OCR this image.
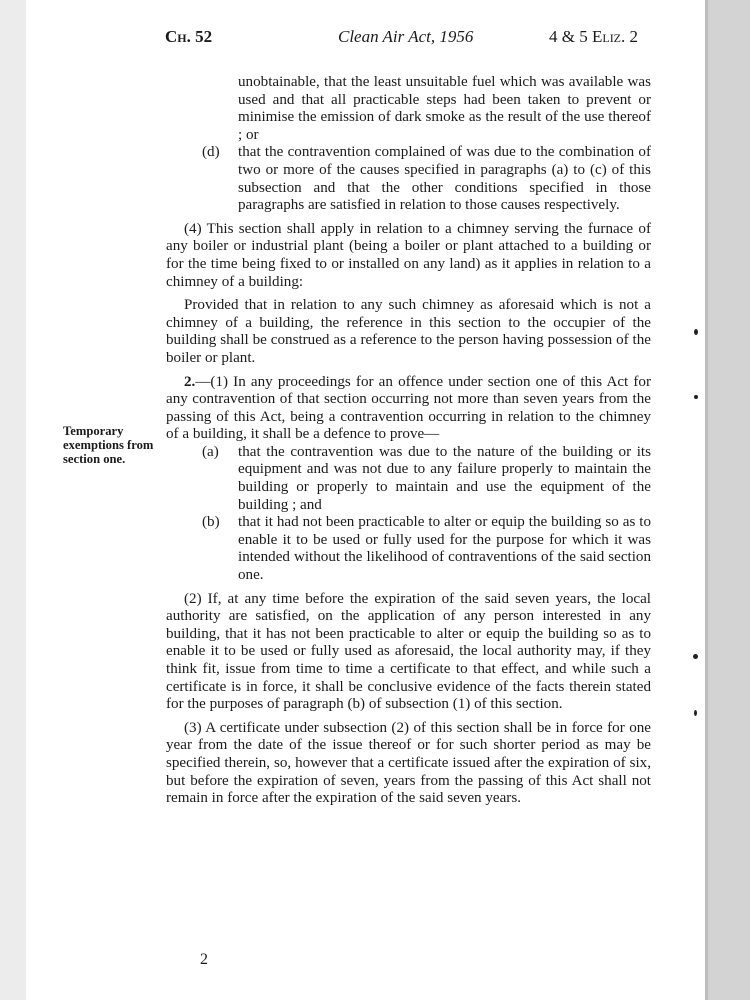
Ch. 52	Clean Air Act, 1956	4 & 5 Eliz. 2
Temporary exemptions from section one.

unobtainable, that the least unsuitable fuel which was available was used and that all practicable steps had been taken to prevent or minimise the emission of dark smoke as the result of the use thereof ; or

(d)	that the contravention complained of was due to the combination of two or more of the causes specified in paragraphs (a) to (c) of this subsection and that the other conditions specified in those paragraphs are satisfied in relation to those causes respectively.

(4) This section shall apply in relation to a chimney serving the furnace of any boiler or industrial plant (being a boiler or plant attached to a building or for the time being fixed to or installed on any land) as it applies in relation to a chimney of a building:

Provided that in relation to any such chimney as aforesaid which is not a chimney of a building, the reference in this section to the occupier of the building shall be construed as a reference to the person having possession of the boiler or plant.

2.—(1) In any proceedings for an offence under section one of this Act for any contravention of that section occurring not more than seven years from the passing of this Act, being a contravention occurring in relation to the chimney of a building, it shall be a defence to prove—

(a)	that the contravention was due to the nature of the building or its equipment and was not due to any failure properly to maintain the building or properly to maintain and use the equipment of the building ; and
(b)	that it had not been practicable to alter or equip the building so as to enable it to be used or fully used for the purpose for which it was intended without the likelihood of contraventions of the said section one.

(2) If, at any time before the expiration of the said seven years, the local authority are satisfied, on the application of any person interested in any building, that it has not been practicable to alter or equip the building so as to enable it to be used or fully used as aforesaid, the local authority may, if they think fit, issue from time to time a certificate to that effect, and while such a certificate is in force, it shall be conclusive evidence of the facts therein stated for the purposes of paragraph (b) of subsection (1) of this section.

(3) A certificate under subsection (2) of this section shall be in force for one year from the date of the issue thereof or for such shorter period as may be specified therein, so, however that a certificate issued after the expiration of six, but before the expiration of seven, years from the passing of this Act shall not remain in force after the expiration of the said seven years.

2
